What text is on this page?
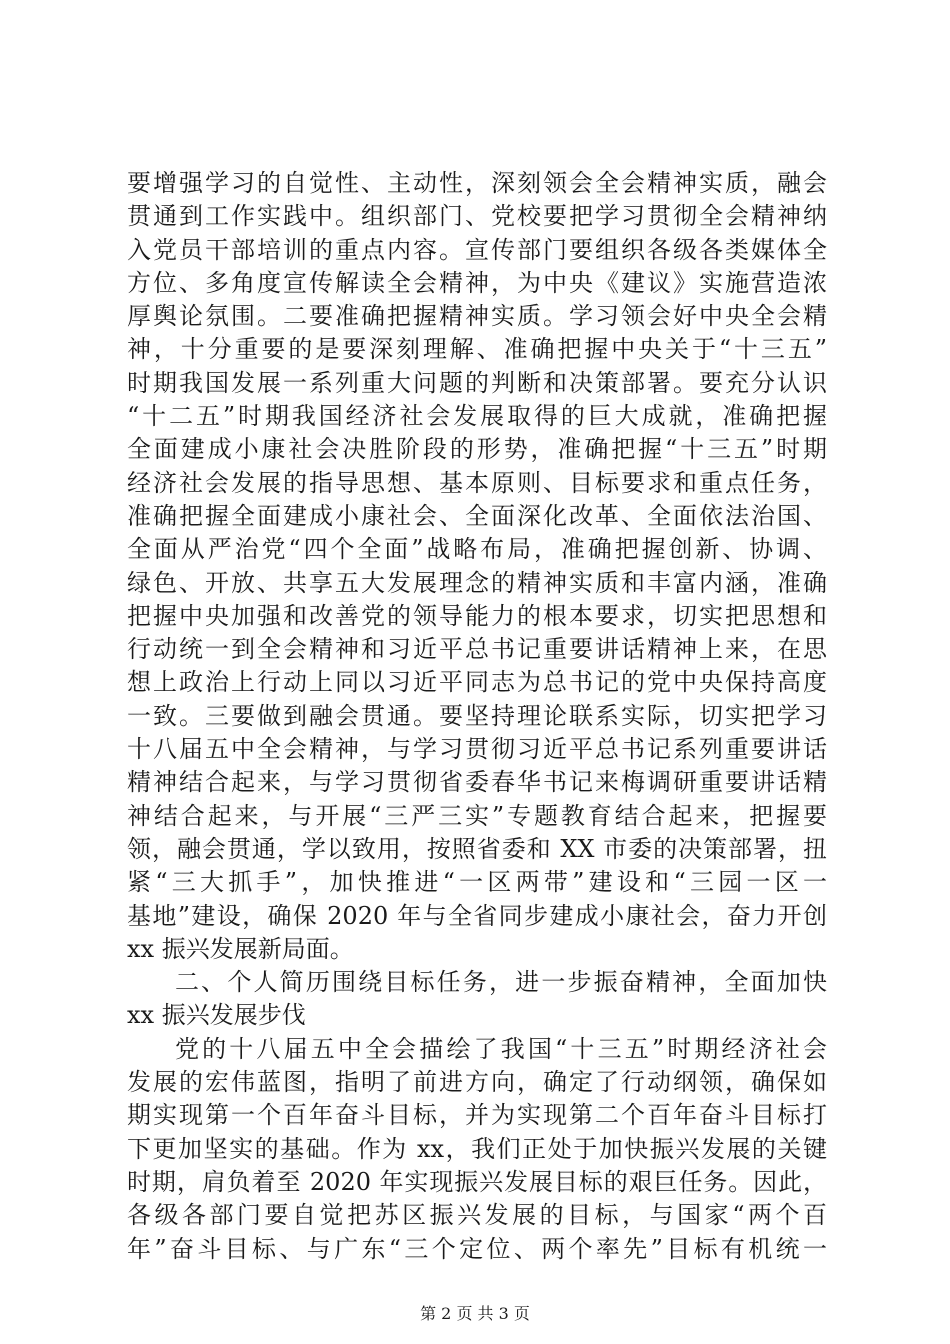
要增强学习的自觉性、主动性，深刻领会全会精神实质，融会
贯通到工作实践中。组织部门、党校要把学习贯彻全会精神纳
入党员干部培训的重点内容。宣传部门要组织各级各类媒体全
方位、多角度宣传解读全会精神，为中央《建议》实施营造浓
厚舆论氛围。二要准确把握精神实质。学习领会好中央全会精
神，十分重要的是要深刻理解、准确把握中央关于“十三五”
时期我国发展一系列重大问题的判断和决策部署。要充分认识
“十二五”时期我国经济社会发展取得的巨大成就，准确把握
全面建成小康社会决胜阶段的形势，准确把握“十三五”时期
经济社会发展的指导思想、基本原则、目标要求和重点任务，
准确把握全面建成小康社会、全面深化改革、全面依法治国、
全面从严治党“四个全面”战略布局，准确把握创新、协调、
绿色、开放、共享五大发展理念的精神实质和丰富内涵，准确
把握中央加强和改善党的领导能力的根本要求，切实把思想和
行动统一到全会精神和习近平总书记重要讲话精神上来，在思
想上政治上行动上同以习近平同志为总书记的党中央保持高度
一致。三要做到融会贯通。要坚持理论联系实际，切实把学习
十八届五中全会精神，与学习贯彻习近平总书记系列重要讲话
精神结合起来，与学习贯彻省委春华书记来梅调研重要讲话精
神结合起来，与开展“三严三实”专题教育结合起来，把握要
领，融会贯通，学以致用，按照省委和 XX 市委的决策部署，扭
紧“三大抓手”，加快推进“一区两带”建设和“三园一区一
基地”建设，确保 2020 年与全省同步建成小康社会，奋力开创
xx 振兴发展新局面。
二、个人简历围绕目标任务，进一步振奋精神，全面加快
xx 振兴发展步伐
党的十八届五中全会描绘了我国“十三五”时期经济社会
发展的宏伟蓝图，指明了前进方向，确定了行动纲领，确保如
期实现第一个百年奋斗目标，并为实现第二个百年奋斗目标打
下更加坚实的基础。作为 xx，我们正处于加快振兴发展的关键
时期，肩负着至 2020 年实现振兴发展目标的艰巨任务。因此，
各级各部门要自觉把苏区振兴发展的目标，与国家“两个百
年”奋斗目标、与广东“三个定位、两个率先”目标有机统一
第 2 页 共 3 页
